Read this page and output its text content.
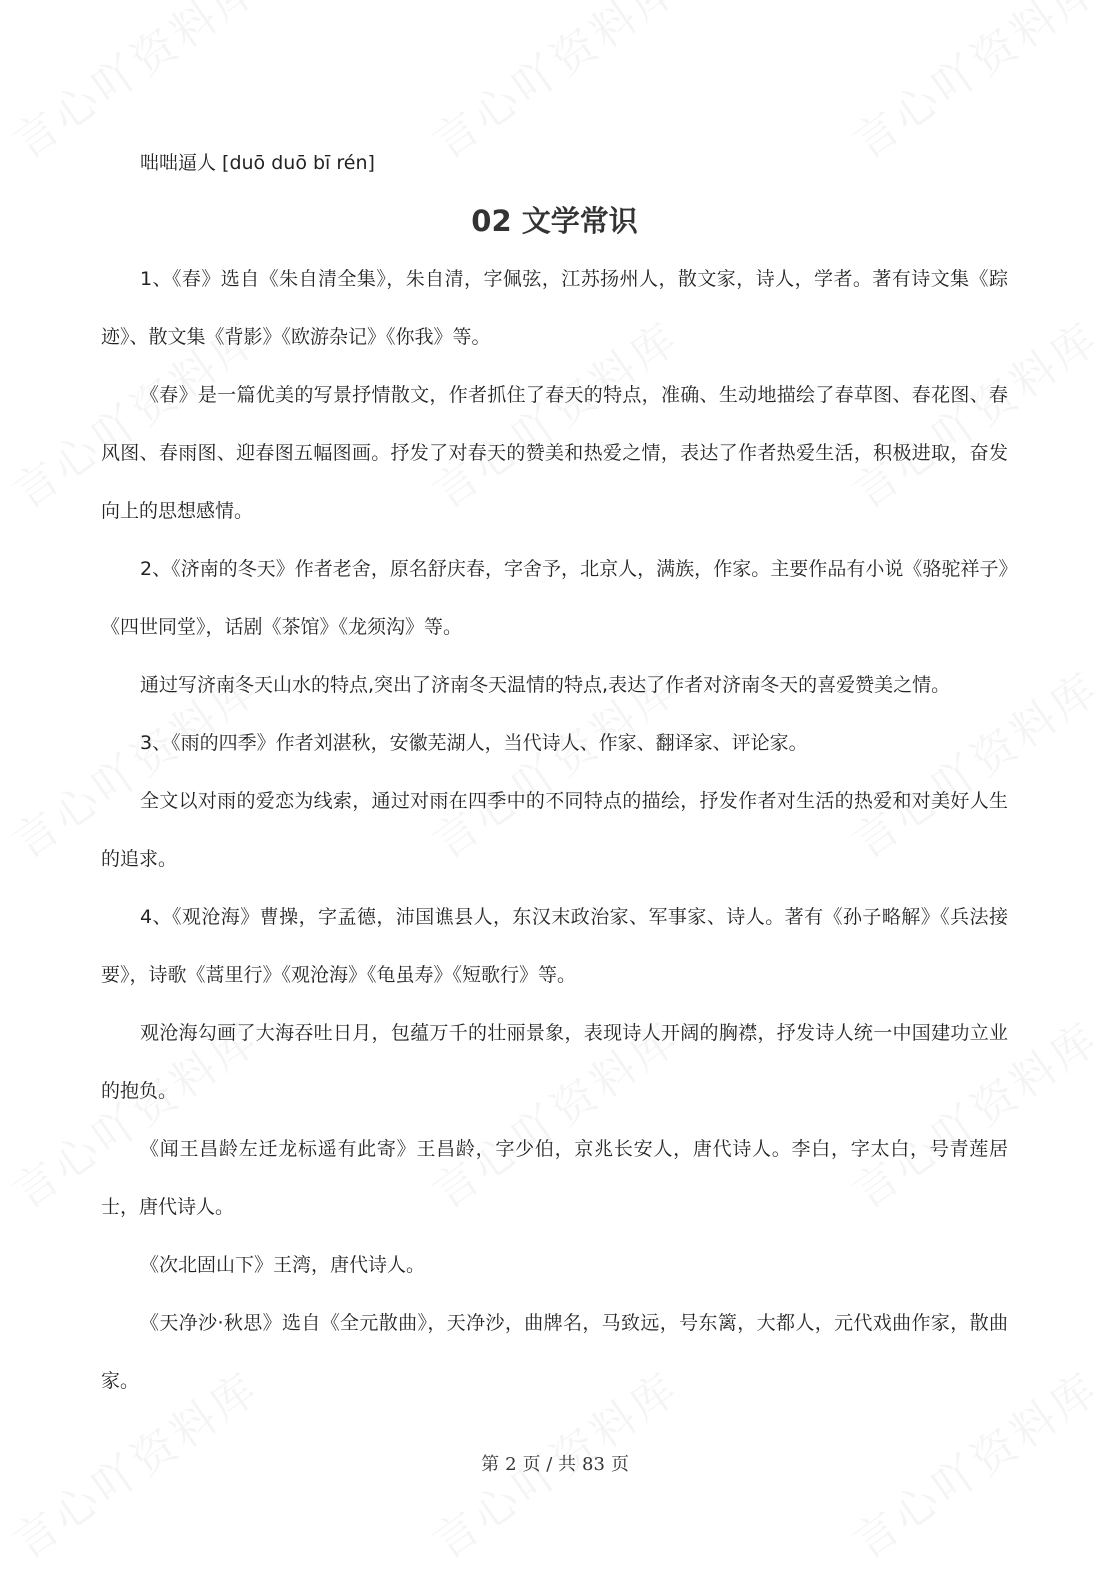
咄咄逼人 [duō duō bī rén]

02 文学常识

1、《春》选自《朱自清全集》，朱自清，字佩弦，江苏扬州人，散文家，诗人，学者。著有诗文集《踪迹》、散文集《背影》《欧游杂记》《你我》等。

《春》是一篇优美的写景抒情散文，作者抓住了春天的特点，准确、生动地描绘了春草图、春花图、春风图、春雨图、迎春图五幅图画。抒发了对春天的赞美和热爱之情，表达了作者热爱生活，积极进取，奋发向上的思想感情。

2、《济南的冬天》作者老舍，原名舒庆春，字舍予，北京人，满族，作家。主要作品有小说《骆驼祥子》《四世同堂》，话剧《茶馆》《龙须沟》等。

通过写济南冬天山水的特点,突出了济南冬天温情的特点,表达了作者对济南冬天的喜爱赞美之情。

3、《雨的四季》作者刘湛秋，安徽芜湖人，当代诗人、作家、翻译家、评论家。

全文以对雨的爱恋为线索，通过对雨在四季中的不同特点的描绘，抒发作者对生活的热爱和对美好人生的追求。

4、《观沧海》曹操，字孟德，沛国谯县人，东汉末政治家、军事家、诗人。著有《孙子略解》《兵法接要》，诗歌《蒿里行》《观沧海》《龟虽寿》《短歌行》等。

观沧海勾画了大海吞吐日月，包蕴万千的壮丽景象，表现诗人开阔的胸襟，抒发诗人统一中国建功立业的抱负。

《闻王昌龄左迁龙标遥有此寄》王昌龄，字少伯，京兆长安人，唐代诗人。李白，字太白，号青莲居士，唐代诗人。

《次北固山下》王湾，唐代诗人。

《天净沙·秋思》选自《全元散曲》，天净沙，曲牌名，马致远，号东篱，大都人，元代戏曲作家，散曲家。

第 2 页 / 共 83 页
